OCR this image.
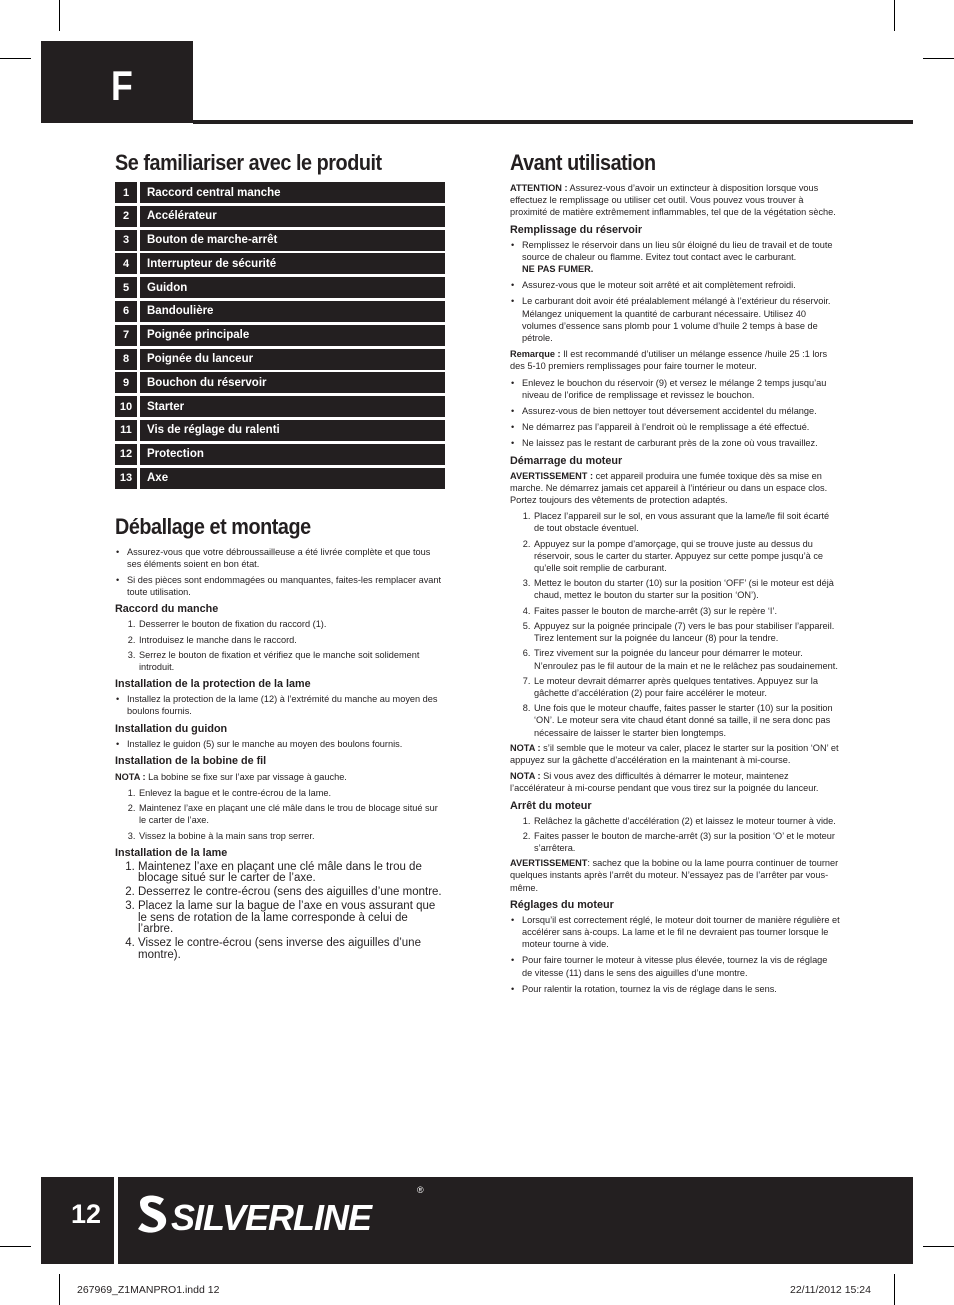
F
Se familiariser avec le produit
1	Raccord central manche
2	Accélérateur
3	Bouton de marche-arrêt
4	Interrupteur de sécurité
5	Guidon
6	Bandoulière
7	Poignée principale
8	Poignée du lanceur
9	Bouchon du réservoir
10	Starter
11	Vis de réglage du ralenti
12	Protection
13	Axe
Déballage et montage
• Assurez-vous que votre débroussailleuse a été livrée complète et que tous ses éléments soient en bon état.
• Si des pièces sont endommagées ou manquantes, faites-les remplacer avant toute utilisation.
Raccord du manche
1. Desserrer le bouton de fixation du raccord (1).
2. Introduisez le manche dans le raccord.
3. Serrez le bouton de fixation et vérifiez que le manche soit solidement introduit.
Installation de la protection de la lame
• Installez la protection de la lame (12) à l’extrémité du manche au moyen des boulons fournis.
Installation du guidon
• Installez le guidon (5) sur le manche au moyen des boulons fournis.
Installation de la bobine de fil
NOTA : La bobine se fixe sur l’axe par vissage à gauche.
1. Enlevez la bague et le contre-écrou de la lame.
2. Maintenez l’axe en plaçant une clé mâle dans le trou de blocage situé sur le carter de l’axe.
3. Vissez la bobine à la main sans trop serrer.
Installation de la lame
1. Maintenez l’axe en plaçant une clé mâle dans le trou de blocage situé sur le carter de l’axe.
2. Desserrez le contre-écrou (sens des aiguilles d’une montre.
3. Placez la lame sur la bague de l’axe en vous assurant que le sens de rotation de la lame corresponde à celui de l’arbre.
4. Vissez le contre-écrou (sens inverse des aiguilles d’une montre).
Avant utilisation

ATTENTION : Assurez-vous d’avoir un extincteur à disposition lorsque vous effectuez le remplissage ou utiliser cet outil. Vous pouvez vous trouver à proximité de matière extrêmement inflammables, tel que de la végétation sèche.

Remplissage du réservoir
• Remplissez le réservoir dans un lieu sûr éloigné du lieu de travail et de toute source de chaleur ou flamme. Evitez tout contact avec le carburant.
NE PAS FUMER.
• Assurez-vous que le moteur soit arrêté et ait complètement refroidi.
• Le carburant doit avoir été préalablement mélangé à l’extérieur du réservoir. Mélangez uniquement la quantité de carburant nécessaire. Utilisez 40 volumes d’essence sans plomb pour 1 volume d’huile 2 temps à base de pétrole.

Remarque : Il est recommandé d’utiliser un mélange essence /huile 25 :1 lors des 5-10 premiers remplissages pour faire tourner le moteur.

• Enlevez le bouchon du réservoir (9) et versez le mélange 2 temps jusqu’au niveau de l’orifice de remplissage et revissez le bouchon.
• Assurez-vous de bien nettoyer tout déversement accidentel du mélange.
• Ne démarrez pas l’appareil à l’endroit où le remplissage a été effectué.
• Ne laissez pas le restant de carburant près de la zone où vous travaillez.
Démarrage du moteur

AVERTISSEMENT : cet appareil produira une fumée toxique dès sa mise en marche. Ne démarrez jamais cet appareil à l’intérieur ou dans un espace clos. Portez toujours des vêtements de protection adaptés.

1. Placez l’appareil sur le sol, en vous assurant que la lame/le fil soit écarté de tout obstacle éventuel.
2. Appuyez sur la pompe d’amorçage, qui se trouve juste au dessus du réservoir, sous le carter du starter. Appuyez sur cette pompe jusqu’à ce qu’elle soit remplie de carburant.
3. Mettez le bouton du starter (10) sur la position ‘OFF’ (si le moteur est déjà chaud, mettez le bouton du starter sur la position ‘ON’).
4. Faites passer le bouton de marche-arrêt (3) sur le repère ‘I’.
5. Appuyez sur la poignée principale (7) vers le bas pour stabiliser l’appareil. Tirez lentement sur la poignée du lanceur (8) pour la tendre.
6. Tirez vivement sur la poignée du lanceur pour démarrer le moteur. N’enroulez pas le fil autour de la main et ne le relâchez pas soudainement.
7. Le moteur devrait démarrer après quelques tentatives. Appuyez sur la gâchette d’accélération (2) pour faire accélérer le moteur.
8. Une fois que le moteur chauffe, faites passer le starter (10) sur la position ‘ON’. Le moteur sera vite chaud étant donné sa taille, il ne sera donc pas nécessaire de laisser le starter bien longtemps.

NOTA : s’il semble que le moteur va caler, placez le starter sur la position ‘ON’ et appuyez sur la gâchette d’accélération en la maintenant à mi-course.

NOTA : Si vous avez des difficultés à démarrer le moteur, maintenez l’accélérateur à mi-course pendant que vous tirez sur la poignée du lanceur.

Arrêt du moteur
1. Relâchez la gâchette d’accélération (2) et laissez le moteur tourner à vide.
2. Faites passer le bouton de marche-arrêt (3) sur la position ‘O’ et le moteur s’arrêtera.

AVERTISSEMENT: sachez que la bobine ou la lame pourra continuer de tourner quelques instants après l’arrêt du moteur. N’essayez pas de l’arrêter par vous-même.

Réglages du moteur
• Lorsqu’il est correctement réglé, le moteur doit tourner de manière régulière et accélérer sans à-coups. La lame et le fil ne devraient pas tourner lorsque le moteur tourne à vide.
• Pour faire tourner le moteur à vitesse plus élevée, tournez la vis de réglage de vitesse (11) dans le sens des aiguilles d’une montre.
• Pour ralentir la rotation, tournez la vis de réglage dans le sens.
12 SILVERLINE
®
267969_Z1MANPRO1.indd 12	22/11/2012 15:24
